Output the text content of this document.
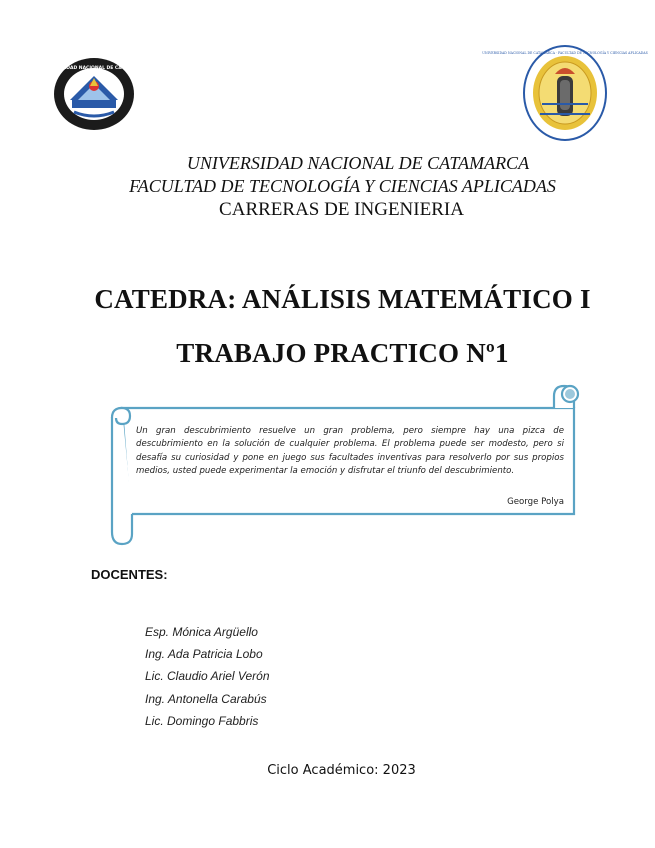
UNIVERSIDAD NACIONAL DE CATAMARCA
UNIVERSIDAD NACIONAL DE CATAMARCA · FACULTAD DE TECNOLOGÍA Y CIENCIAS APLICADAS
UNIVERSIDAD NACIONAL DE CATAMARCA
FACULTAD DE TECNOLOGÍA Y CIENCIAS APLICADAS
CARRERAS DE INGENIERIA
CATEDRA: ANÁLISIS MATEMÁTICO I
TRABAJO PRACTICO Nº1
Un gran descubrimiento resuelve un gran problema, pero siempre hay una pizca de descubrimiento en la solución de cualquier problema. El problema puede ser modesto, pero si desafía su curiosidad y pone en juego sus facultades inventivas para resolverlo por sus propios medios, usted puede experimentar la emoción y disfrutar el triunfo del descubrimiento.
George Polya
DOCENTES:
Esp. Mónica Argüello
Ing. Ada Patricia Lobo
Lic. Claudio Ariel Verón
Ing. Antonella Carabús
Lic. Domingo Fabbris
Ciclo Académico: 2023
